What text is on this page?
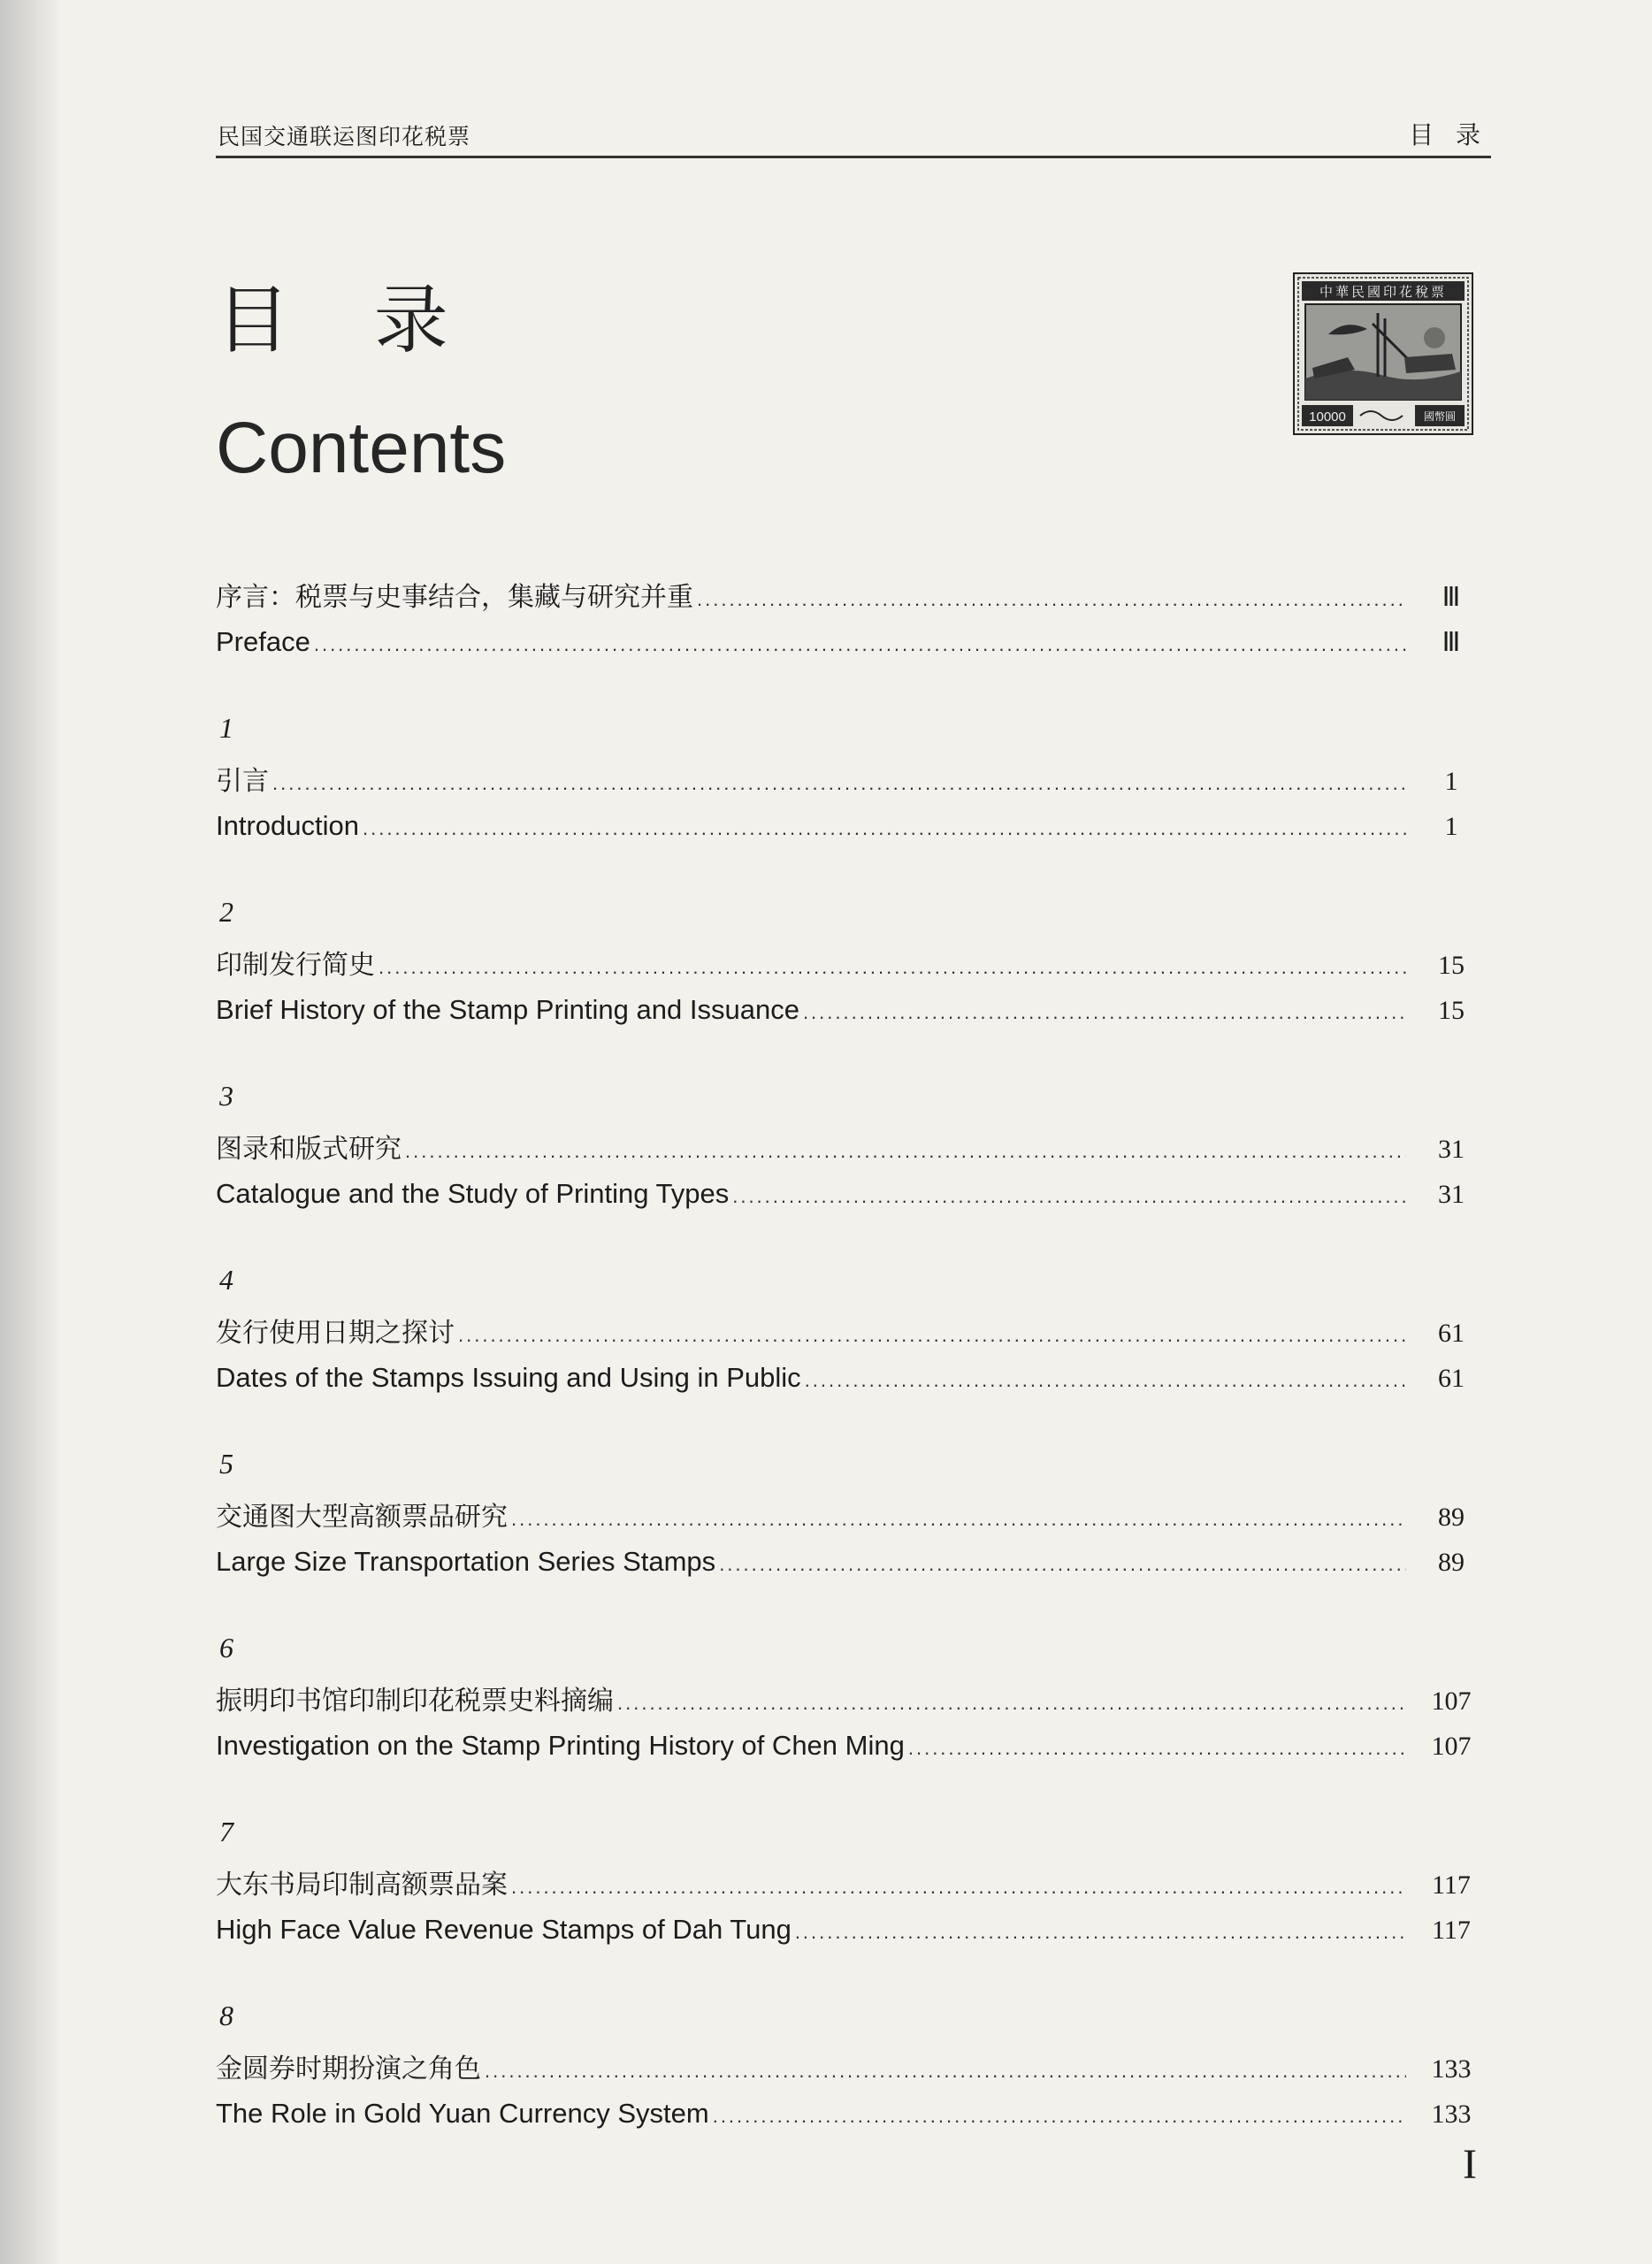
民国交通联运图印花税票	目 录
目 录
Contents
中華民國印花稅票
10000	國幣圓
序言：税票与史事结合，集藏与研究并重 .....	Ⅲ
Preface .....	Ⅲ
1
引言 .....	1
Introduction .....	1
2
印制发行简史 .....	15
Brief History of the Stamp Printing and Issuance .....	15
3
图录和版式研究 .....	31
Catalogue and the Study of Printing Types .....	31
4
发行使用日期之探讨 .....	61
Dates of the Stamps Issuing and Using in Public .....	61
5
交通图大型高额票品研究 .....	89
Large Size Transportation Series Stamps .....	89
6
振明印书馆印制印花税票史料摘编 .....	107
Investigation on the Stamp Printing History of Chen Ming .....	107
7
大东书局印制高额票品案 .....	117
High Face Value Revenue Stamps of Dah Tung .....	117
8
金圆券时期扮演之角色 .....	133
The Role in Gold Yuan Currency System .....	133
I
